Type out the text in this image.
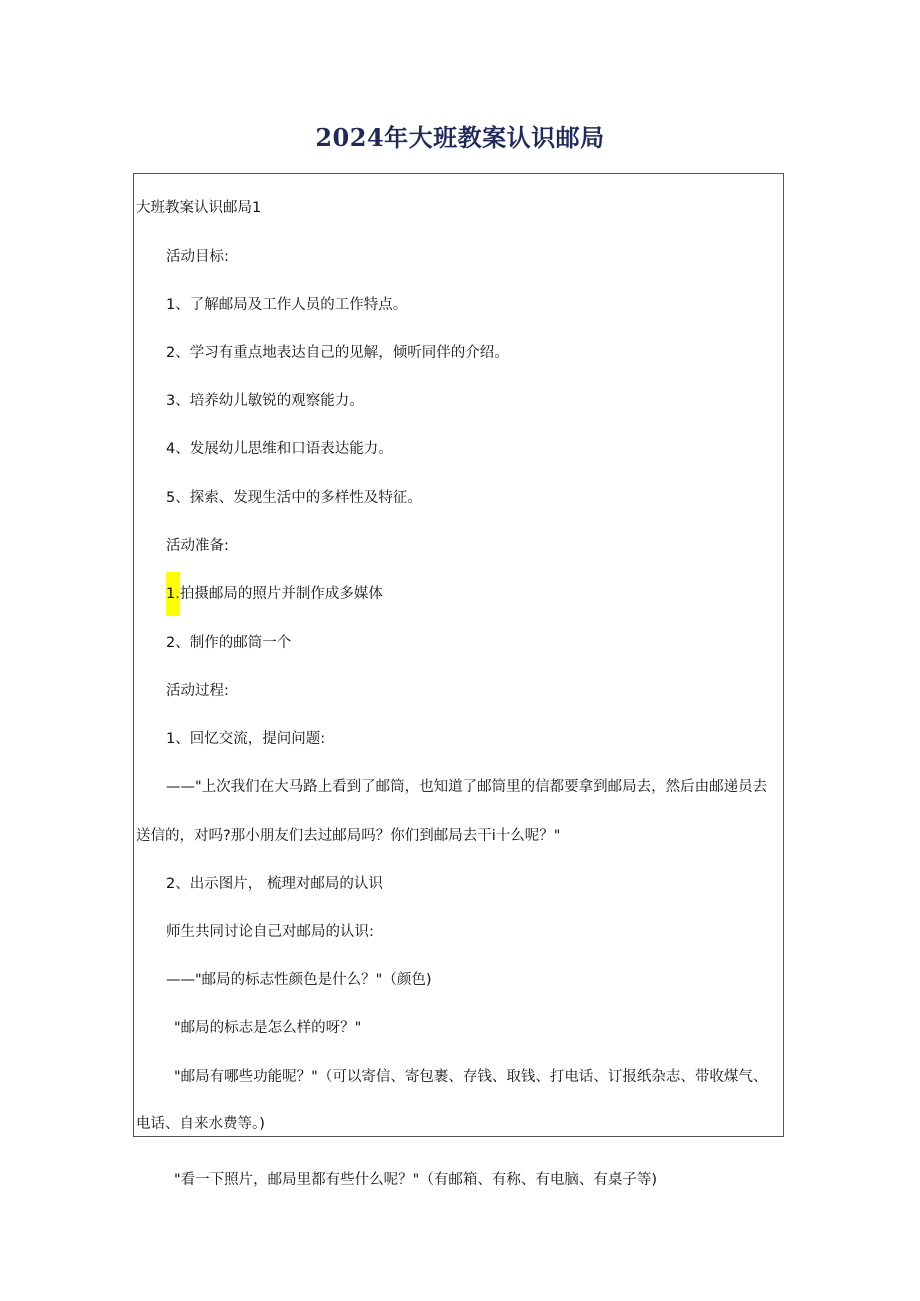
2024年大班教案认识邮局
大班教案认识邮局1
活动目标:
1、了解邮局及工作人员的工作特点。
2、学习有重点地表达自己的见解，倾听同伴的介绍。
3、培养幼儿敏锐的观察能力。
4、发展幼儿思维和口语表达能力。
5、探索、发现生活中的多样性及特征。
活动准备:
1.拍摄邮局的照片并制作成多媒体
2、制作的邮筒一个
活动过程:
1、回忆交流，提问问题:
——"上次我们在大马路上看到了邮筒，也知道了邮筒里的信都要拿到邮局去，然后由邮递员去
送信的，对吗?那小朋友们去过邮局吗？你们到邮局去干i十么呢？"
2、出示图片， 梳理对邮局的认识
师生共同讨论自己对邮局的认识:
——"邮局的标志性颜色是什么？"（颜色)
"邮局的标志是怎么样的呀？"
"邮局有哪些功能呢？"（可以寄信、寄包裹、存钱、取钱、打电话、订报纸杂志、带收煤气、
电话、自来水费等。)
"看一下照片，邮局里都有些什么呢？"（有邮箱、有称、有电脑、有桌子等)
